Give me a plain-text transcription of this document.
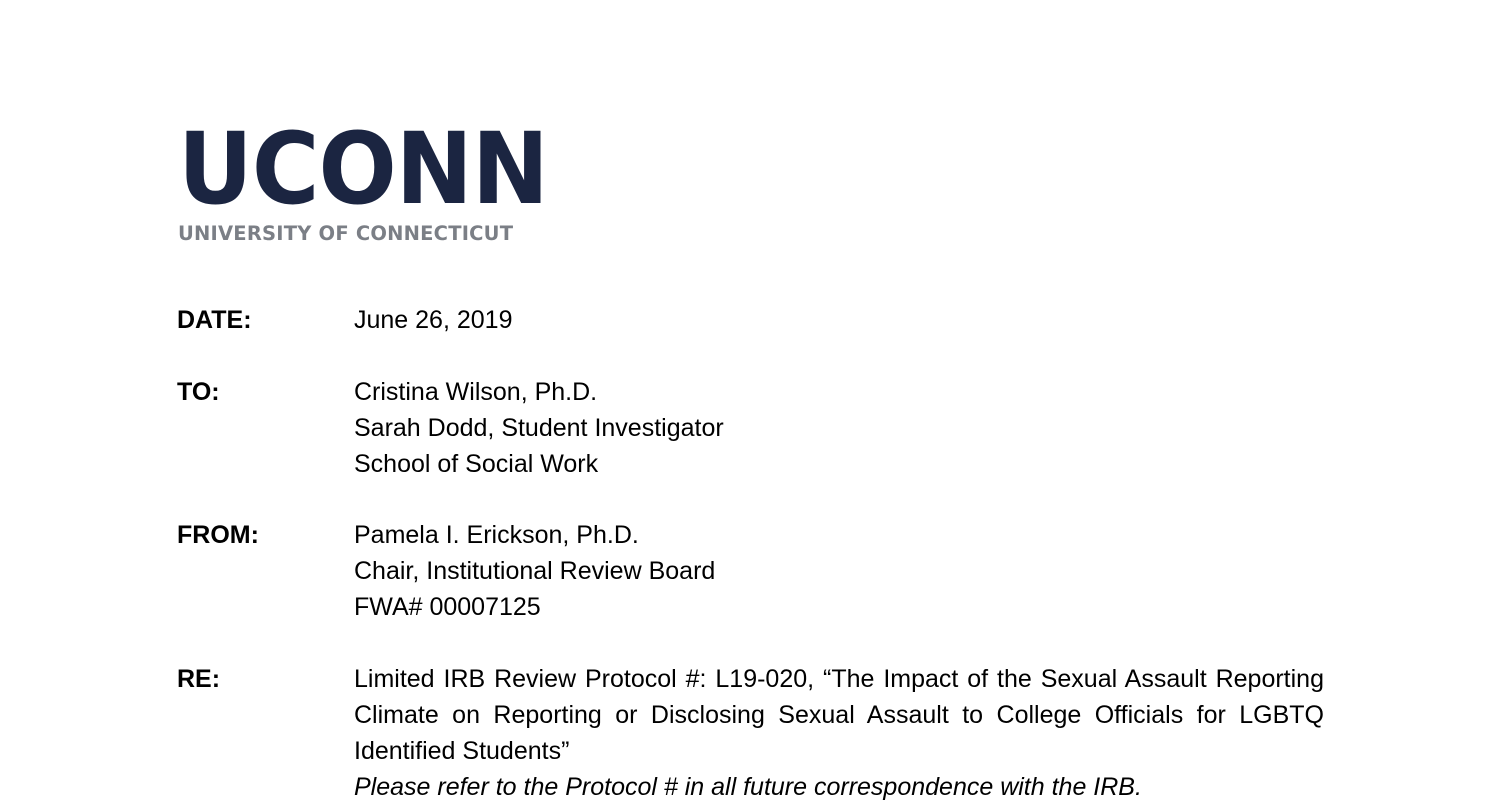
UCONN
UNIVERSITY OF CONNECTICUT
DATE:	June 26, 2019
TO:	Cristina Wilson, Ph.D.
Sarah Dodd, Student Investigator
School of Social Work
FROM:	Pamela I. Erickson, Ph.D.
Chair, Institutional Review Board
FWA# 00007125
RE:	Limited IRB Review Protocol #: L19-020, “The Impact of the Sexual Assault Reporting Climate on Reporting or Disclosing Sexual Assault to College Officials for LGBTQ Identified Students”
Please refer to the Protocol # in all future correspondence with the IRB.
